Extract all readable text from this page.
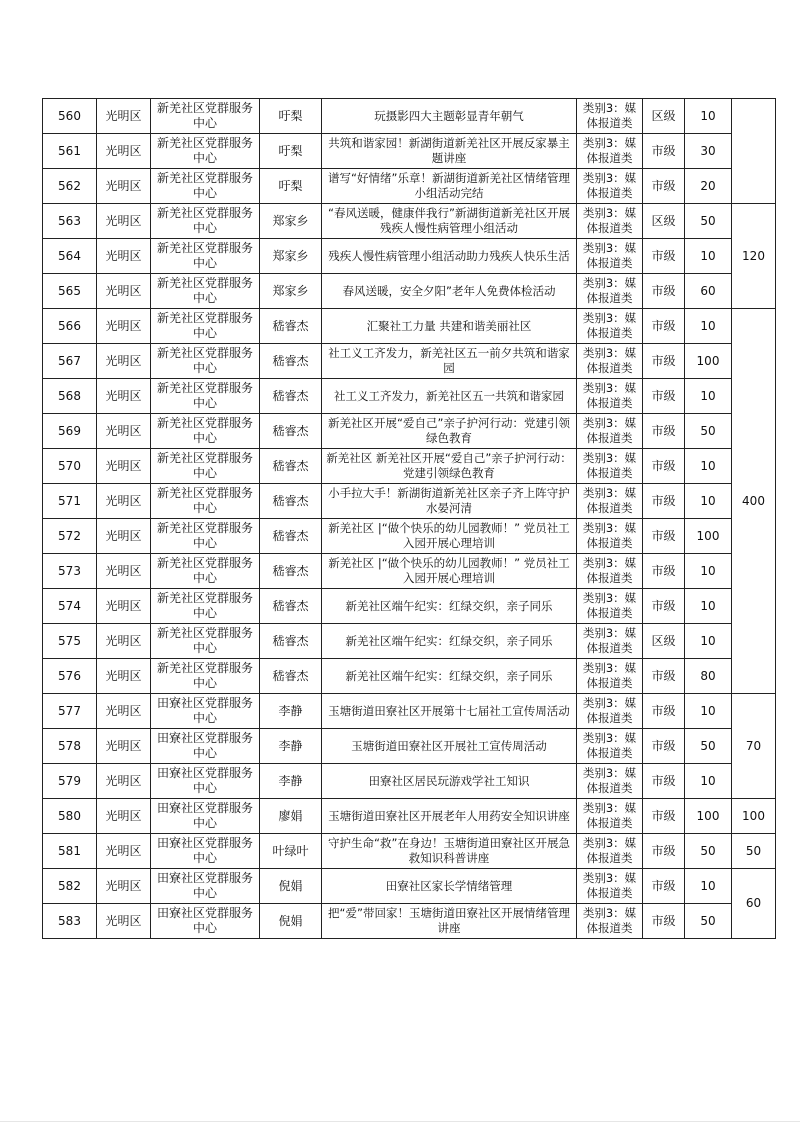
560	光明区	新羌社区党群服务中心	吁梨	玩摄影四大主题彰显青年朝气	类别3：媒体报道类	区级	10	
561	光明区	新羌社区党群服务中心	吁梨	共筑和谐家园！新湖街道新羌社区开展反家暴主题讲座	类别3：媒体报道类	市级	30	
562	光明区	新羌社区党群服务中心	吁梨	谱写“好情绪”乐章！新湖街道新羌社区情绪管理小组活动完结	类别3：媒体报道类	市级	20	
563	光明区	新羌社区党群服务中心	郑家乡	“春风送暖，健康伴我行”新湖街道新羌社区开展残疾人慢性病管理小组活动	类别3：媒体报道类	区级	50	120
564	光明区	新羌社区党群服务中心	郑家乡	残疾人慢性病管理小组活动助力残疾人快乐生活	类别3：媒体报道类	市级	10	
565	光明区	新羌社区党群服务中心	郑家乡	春风送暖，安全夕阳”老年人免费体检活动	类别3：媒体报道类	市级	60	
566	光明区	新羌社区党群服务中心	嵇睿杰	汇聚社工力量 共建和谐美丽社区	类别3：媒体报道类	市级	10	400
567	光明区	新羌社区党群服务中心	嵇睿杰	社工义工齐发力，新羌社区五一前夕共筑和谐家园	类别3：媒体报道类	市级	100	
568	光明区	新羌社区党群服务中心	嵇睿杰	社工义工齐发力，新羌社区五一共筑和谐家园	类别3：媒体报道类	市级	10	
569	光明区	新羌社区党群服务中心	嵇睿杰	新羌社区开展“爱自己”亲子护河行动：党建引领绿色教育	类别3：媒体报道类	市级	50	
570	光明区	新羌社区党群服务中心	嵇睿杰	新羌社区 新羌社区开展“爱自己”亲子护河行动：党建引领绿色教育	类别3：媒体报道类	市级	10	
571	光明区	新羌社区党群服务中心	嵇睿杰	小手拉大手！新湖街道新羌社区亲子齐上阵守护水晏河清	类别3：媒体报道类	市级	10	
572	光明区	新羌社区党群服务中心	嵇睿杰	新羌社区 |“做个快乐的幼儿园教师！” 党员社工入园开展心理培训	类别3：媒体报道类	市级	100	
573	光明区	新羌社区党群服务中心	嵇睿杰	新羌社区 |“做个快乐的幼儿园教师！” 党员社工入园开展心理培训	类别3：媒体报道类	市级	10	
574	光明区	新羌社区党群服务中心	嵇睿杰	新羌社区端午纪实：红绿交织，亲子同乐	类别3：媒体报道类	市级	10	
575	光明区	新羌社区党群服务中心	嵇睿杰	新羌社区端午纪实：红绿交织，亲子同乐	类别3：媒体报道类	区级	10	
576	光明区	新羌社区党群服务中心	嵇睿杰	新羌社区端午纪实：红绿交织，亲子同乐	类别3：媒体报道类	市级	80	
577	光明区	田寮社区党群服务中心	李静	玉塘街道田寮社区开展第十七届社工宣传周活动	类别3：媒体报道类	市级	10	70
578	光明区	田寮社区党群服务中心	李静	玉塘街道田寮社区开展社工宣传周活动	类别3：媒体报道类	市级	50	
579	光明区	田寮社区党群服务中心	李静	田寮社区居民玩游戏学社工知识	类别3：媒体报道类	市级	10	
580	光明区	田寮社区党群服务中心	廖娟	玉塘街道田寮社区开展老年人用药安全知识讲座	类别3：媒体报道类	市级	100	100
581	光明区	田寮社区党群服务中心	叶绿叶	守护生命“救”在身边！玉塘街道田寮社区开展急救知识科普讲座	类别3：媒体报道类	市级	50	50
582	光明区	田寮社区党群服务中心	倪娟	田寮社区家长学情绪管理	类别3：媒体报道类	市级	10	60
583	光明区	田寮社区党群服务中心	倪娟	把“爱”带回家！玉塘街道田寮社区开展情绪管理讲座	类别3：媒体报道类	市级	50	
